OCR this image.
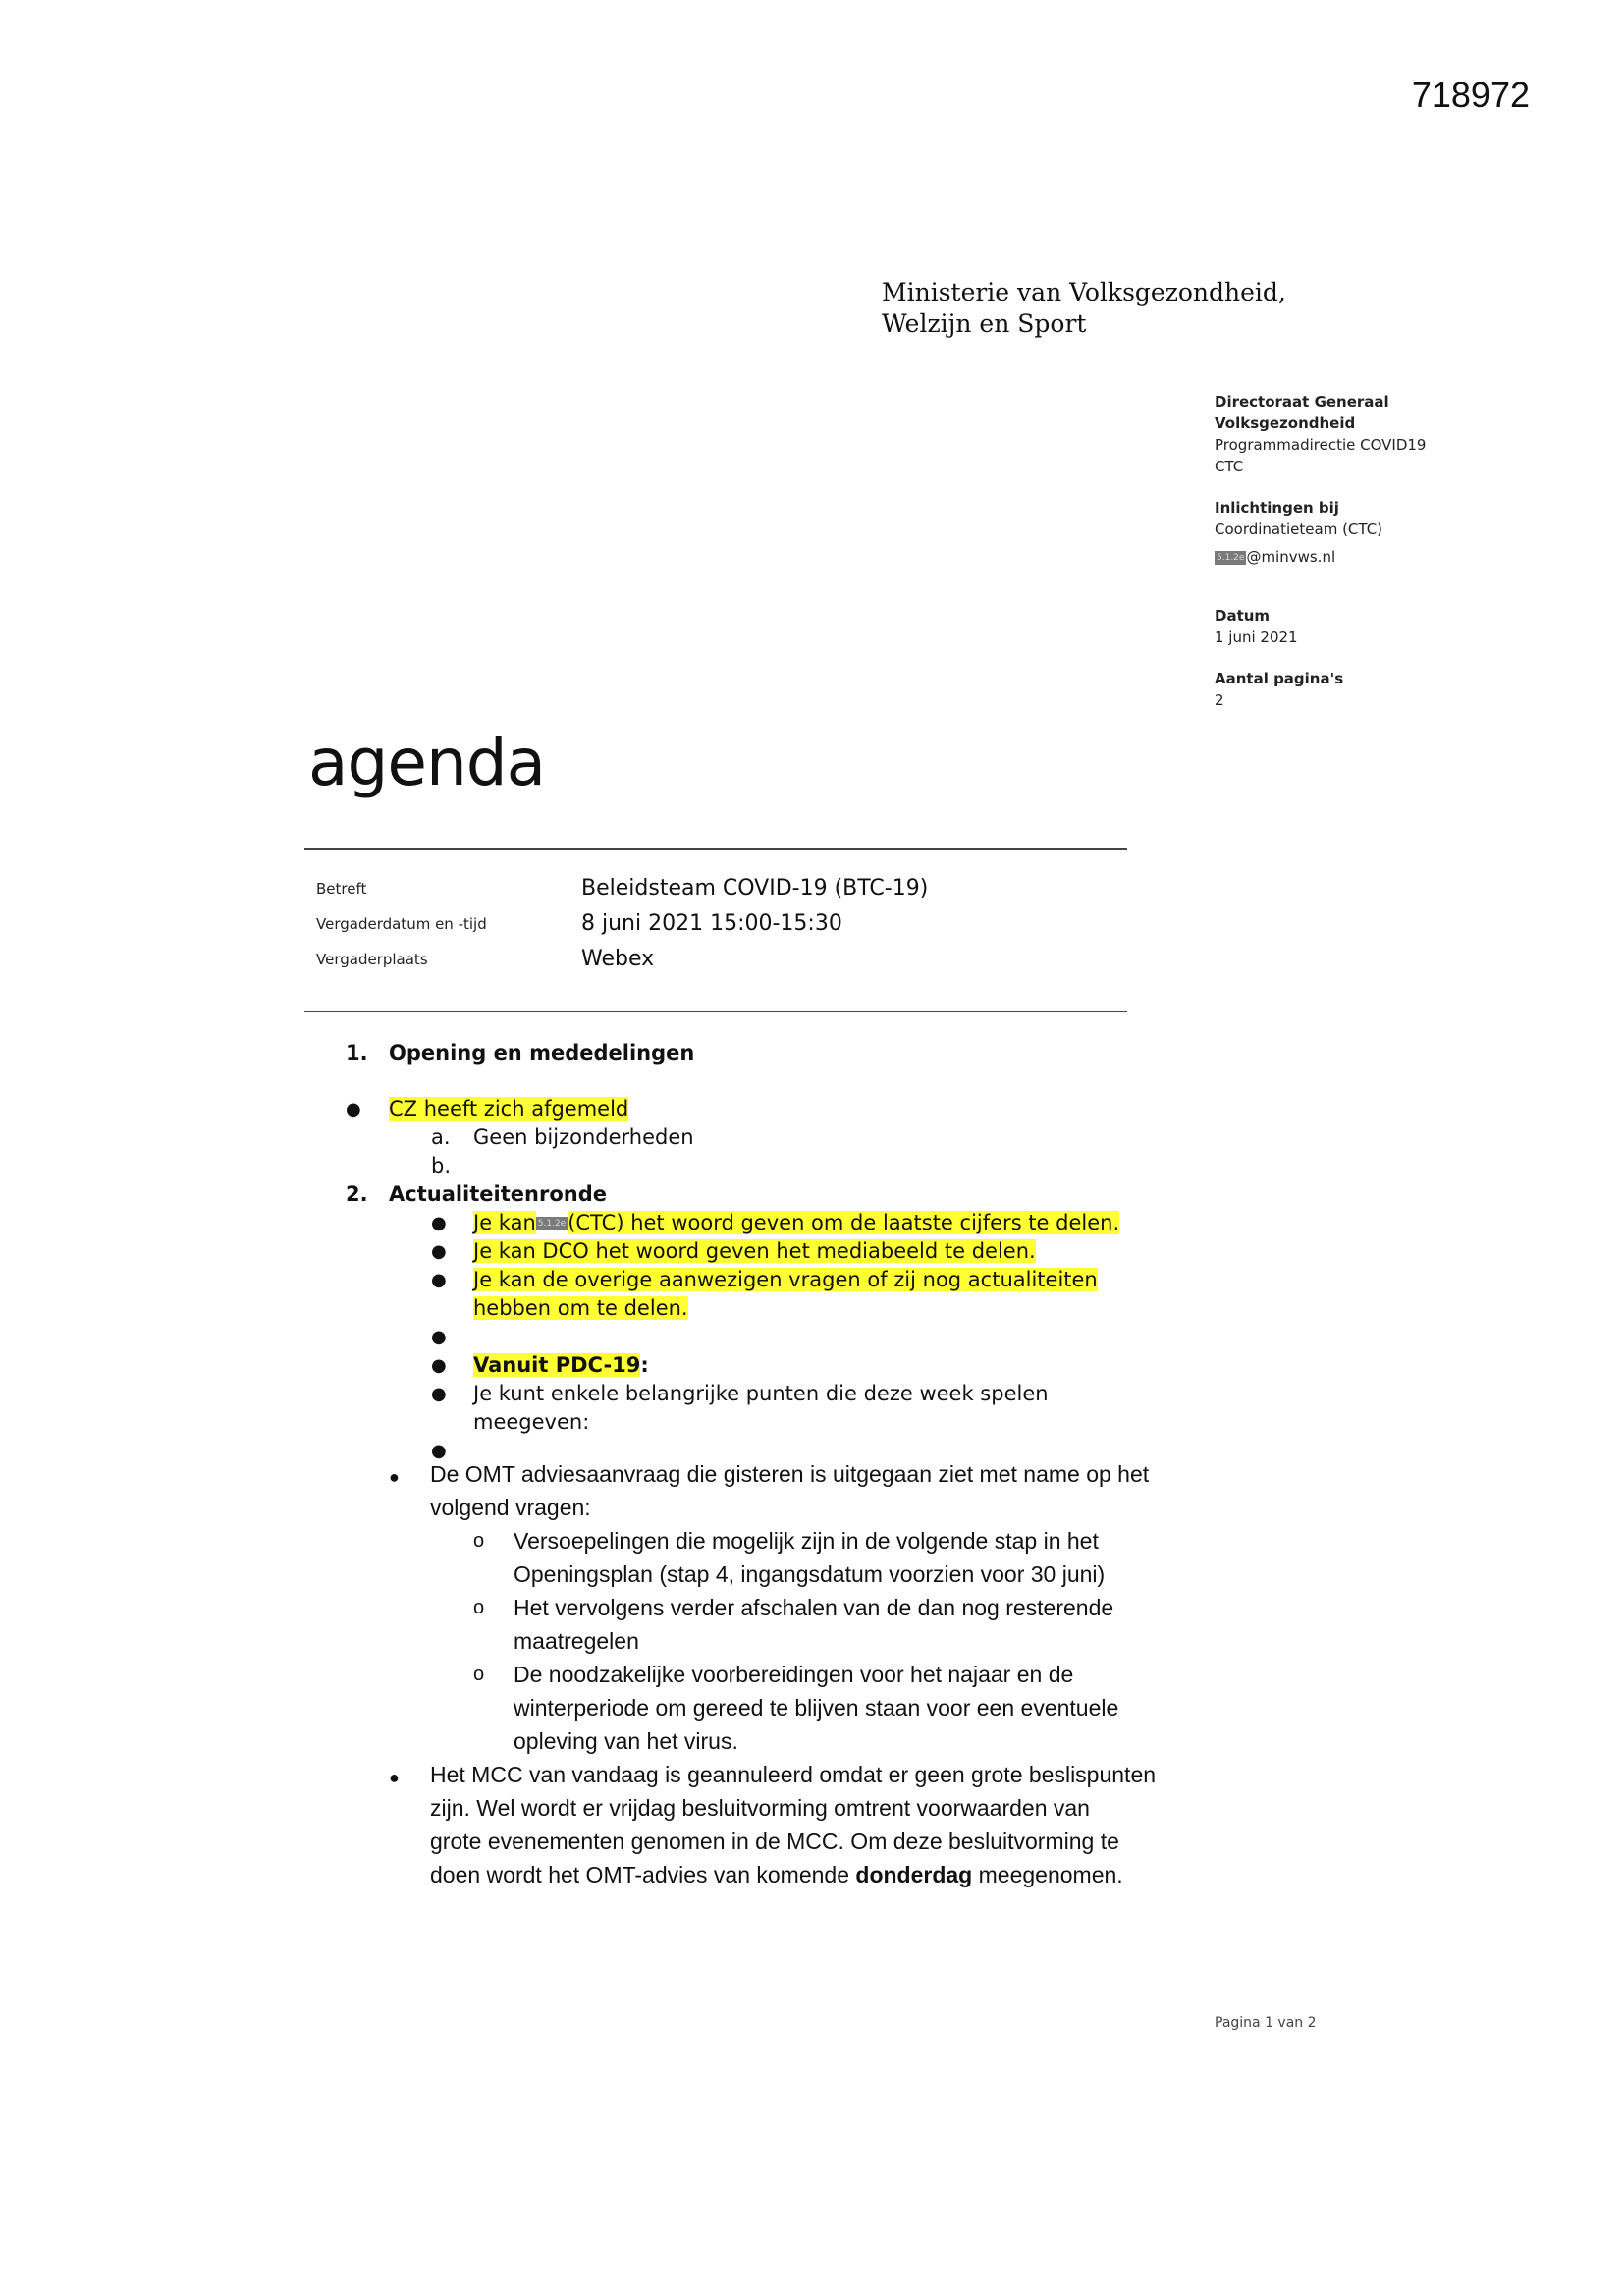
718972
Ministerie van Volksgezondheid,
Welzijn en Sport
Directoraat Generaal
Volksgezondheid
Programmadirectie COVID19
CTC
Inlichtingen bij
Coordinatieteam (CTC)
5.1.2e @minvws.nl
Datum
1 juni 2021
Aantal pagina's
2
agenda
Betreft	Beleidsteam COVID-19 (BTC-19)
Vergaderdatum en -tijd	8 juni 2021 15:00-15:30
Vergaderplaats	Webex
1. Opening en mededelingen
● CZ heeft zich afgemeld
a. Geen bijzonderheden
b.
2. Actualiteitenronde
● Je kan 5.1.2e(CTC) het woord geven om de laatste cijfers te delen.
● Je kan DCO het woord geven het mediabeeld te delen.
● Je kan de overige aanwezigen vragen of zij nog actualiteiten
hebben om te delen.
●
● Vanuit PDC-19:
● Je kunt enkele belangrijke punten die deze week spelen
meegeven:
●
● De OMT adviesaanvraag die gisteren is uitgegaan ziet met name op het
volgend vragen:
o Versoepelingen die mogelijk zijn in de volgende stap in het
Openingsplan (stap 4, ingangsdatum voorzien voor 30 juni)
o Het vervolgens verder afschalen van de dan nog resterende
maatregelen
o De noodzakelijke voorbereidingen voor het najaar en de
winterperiode om gereed te blijven staan voor een eventuele
opleving van het virus.
● Het MCC van vandaag is geannuleerd omdat er geen grote beslispunten
zijn. Wel wordt er vrijdag besluitvorming omtrent voorwaarden van
grote evenementen genomen in de MCC. Om deze besluitvorming te
doen wordt het OMT-advies van komende donderdag meegenomen.
Pagina 1 van 2
